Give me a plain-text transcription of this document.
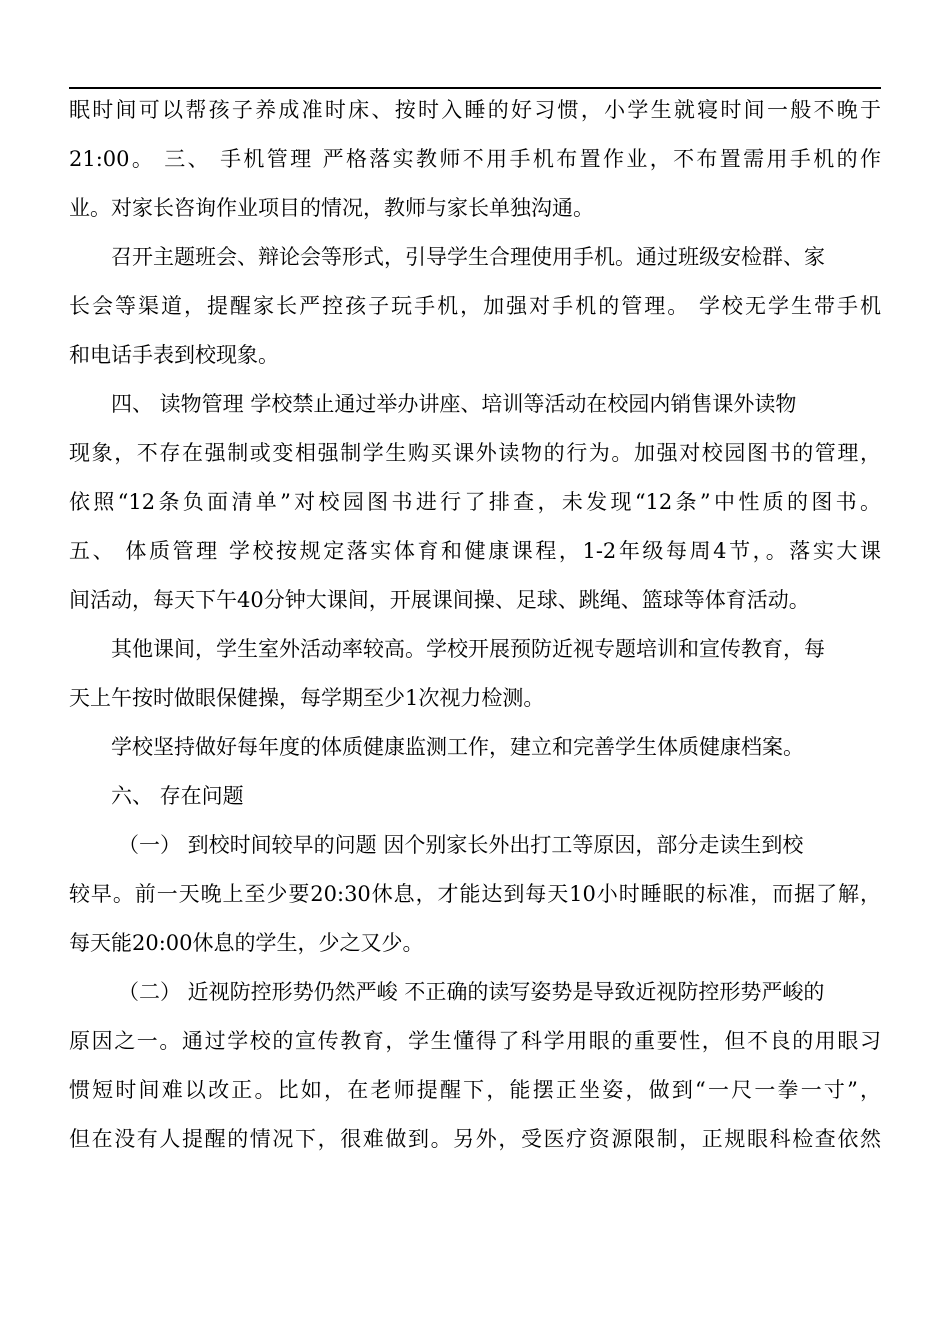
眠时间可以帮孩子养成准时床、按时入睡的好习惯，小学生就寝时间一般不晚于
21:00。 三、 手机管理 严格落实教师不用手机布置作业，不布置需用手机的作
业。对家长咨询作业项目的情况，教师与家长单独沟通。
召开主题班会、辩论会等形式，引导学生合理使用手机。通过班级安检群、家
长会等渠道，提醒家长严控孩子玩手机，加强对手机的管理。 学校无学生带手机
和电话手表到校现象。
四、 读物管理 学校禁止通过举办讲座、培训等活动在校园内销售课外读物
现象，不存在强制或变相强制学生购买课外读物的行为。加强对校园图书的管理，
依照“12条负面清单”对校园图书进行了排查，未发现“12条”中性质的图书。
五、 体质管理 学校按规定落实体育和健康课程，1-2年级每周4节，。落实大课
间活动，每天下午40分钟大课间，开展课间操、足球、跳绳、篮球等体育活动。
其他课间，学生室外活动率较高。学校开展预防近视专题培训和宣传教育，每
天上午按时做眼保健操，每学期至少1次视力检测。
学校坚持做好每年度的体质健康监测工作，建立和完善学生体质健康档案。
六、 存在问题
（一） 到校时间较早的问题 因个别家长外出打工等原因，部分走读生到校
较早。前一天晚上至少要20:30休息，才能达到每天10小时睡眠的标准，而据了解，
每天能20:00休息的学生，少之又少。
（二） 近视防控形势仍然严峻 不正确的读写姿势是导致近视防控形势严峻的
原因之一。通过学校的宣传教育，学生懂得了科学用眼的重要性，但不良的用眼习
惯短时间难以改正。比如，在老师提醒下，能摆正坐姿，做到“一尺一拳一寸”，
但在没有人提醒的情况下，很难做到。另外，受医疗资源限制，正规眼科检查依然
